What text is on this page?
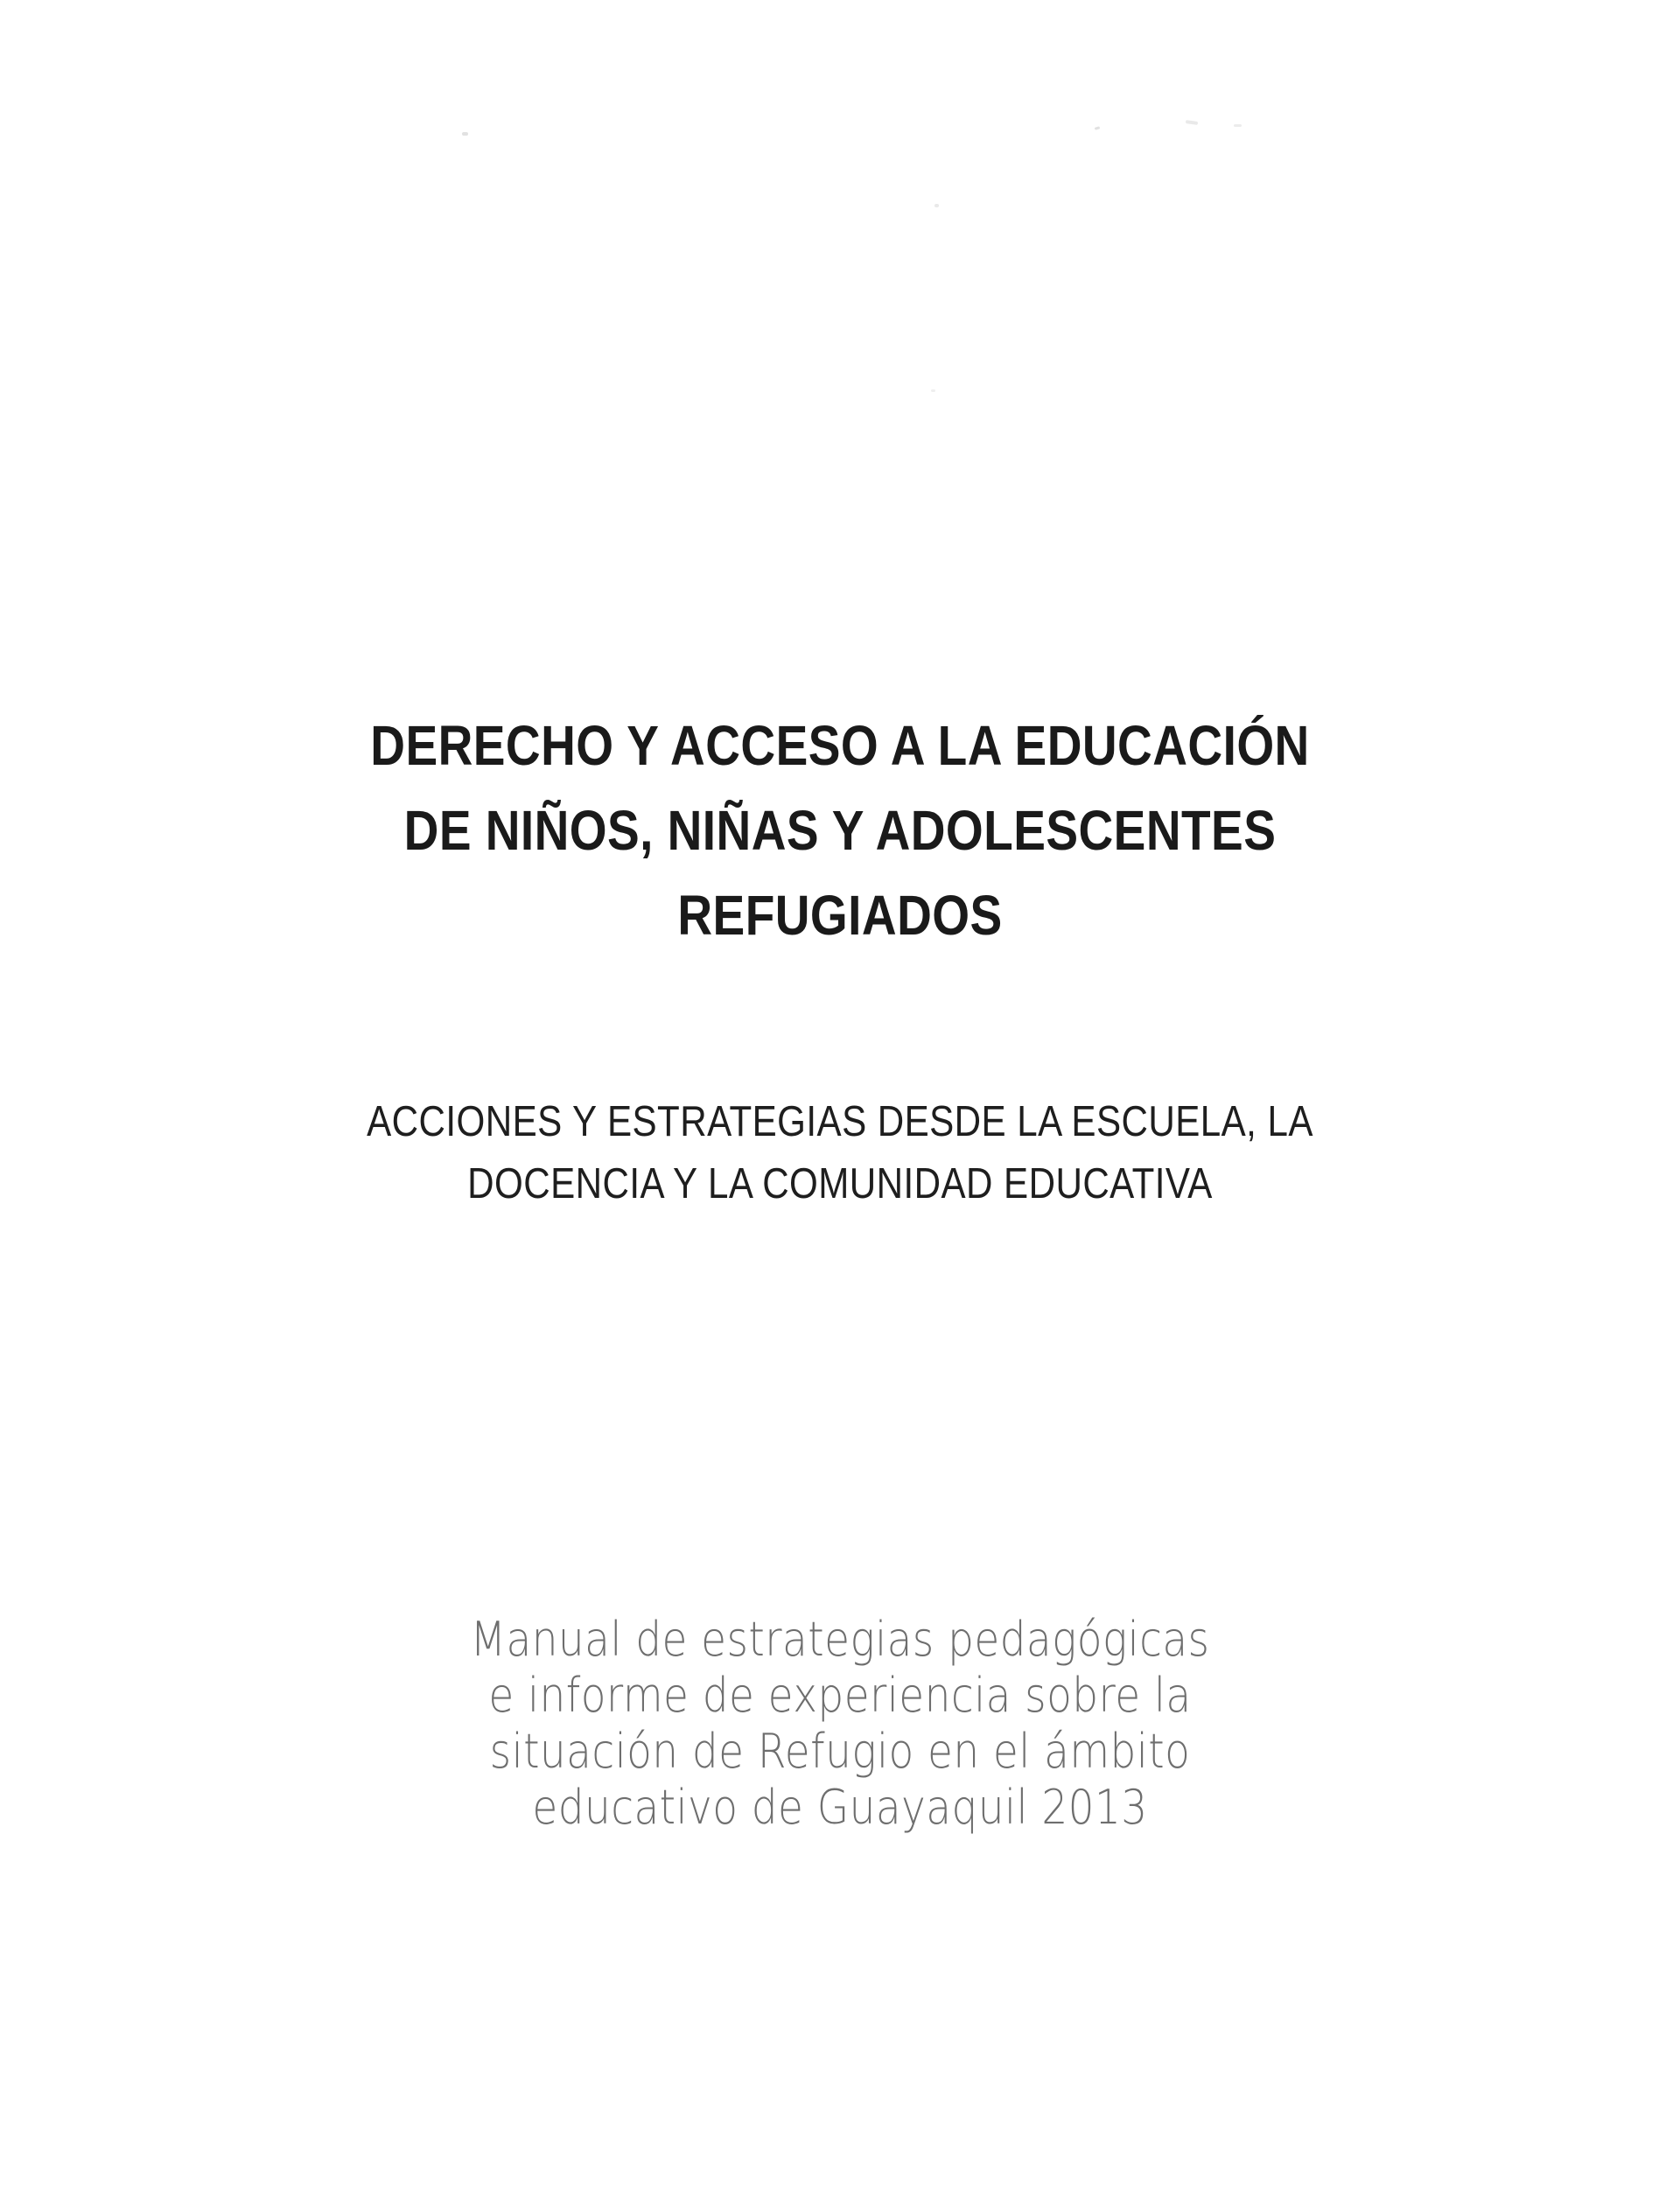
DERECHO Y ACCESO A LA EDUCACIÓN
DE NIÑOS, NIÑAS Y ADOLESCENTES
REFUGIADOS
ACCIONES Y ESTRATEGIAS DESDE LA ESCUELA, LA
DOCENCIA Y LA COMUNIDAD EDUCATIVA
Manual de estrategias pedagógicas
e informe de experiencia sobre la
situación de Refugio en el ámbito
educativo de Guayaquil 2013
